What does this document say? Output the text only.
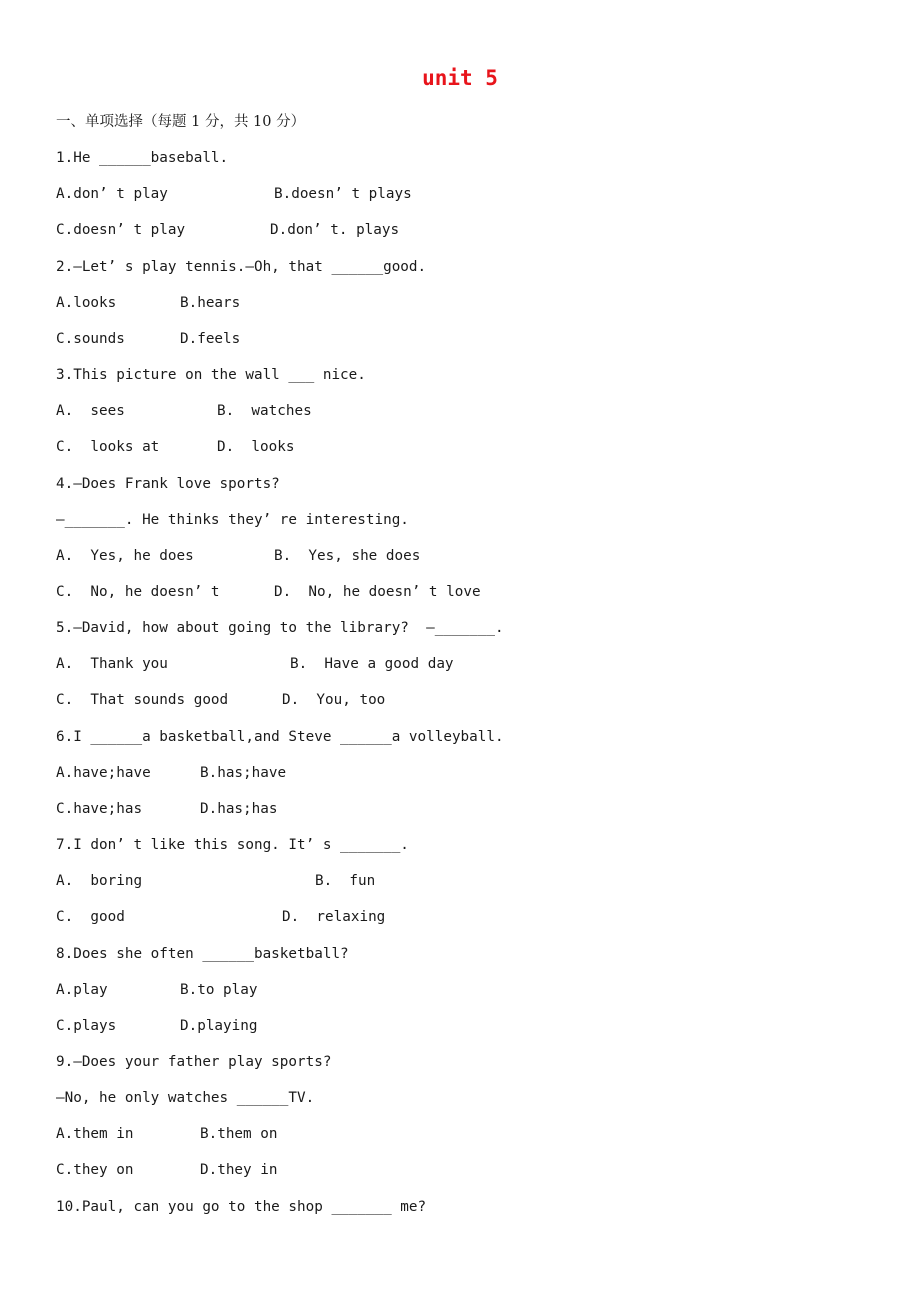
unit 5
一、单项选择（每题 1 分，共 10 分）
1.He ______baseball.
A.don’ t play	B.doesn’ t plays
C.doesn’ t play	D.don’ t. plays
2.—Let’ s play tennis.—Oh, that ______good.
A.looks	B.hears
C.sounds	D.feels
3.This picture on the wall ___ nice.
A.  sees	B.  watches
C.  looks at	D.  looks
4.—Does Frank love sports?
—_______. He thinks they’ re interesting.
A.  Yes, he does	B.  Yes, she does
C.  No, he doesn’ t	D.  No, he doesn’ t love
5.—David, how about going to the library?  —_______.
A.  Thank you	B.  Have a good day
C.  That sounds good	D.  You, too
6.I ______a basketball,and Steve ______a volleyball.
A.have;have	B.has;have
C.have;has	D.has;has
7.I don’ t like this song. It’ s _______.
A.  boring	B.  fun
C.  good	D.  relaxing
8.Does she often ______basketball?
A.play	B.to play
C.plays	D.playing
9.—Does your father play sports?
—No, he only watches ______TV.
A.them in	B.them on
C.they on	D.they in
10.Paul, can you go to the shop _______ me?
